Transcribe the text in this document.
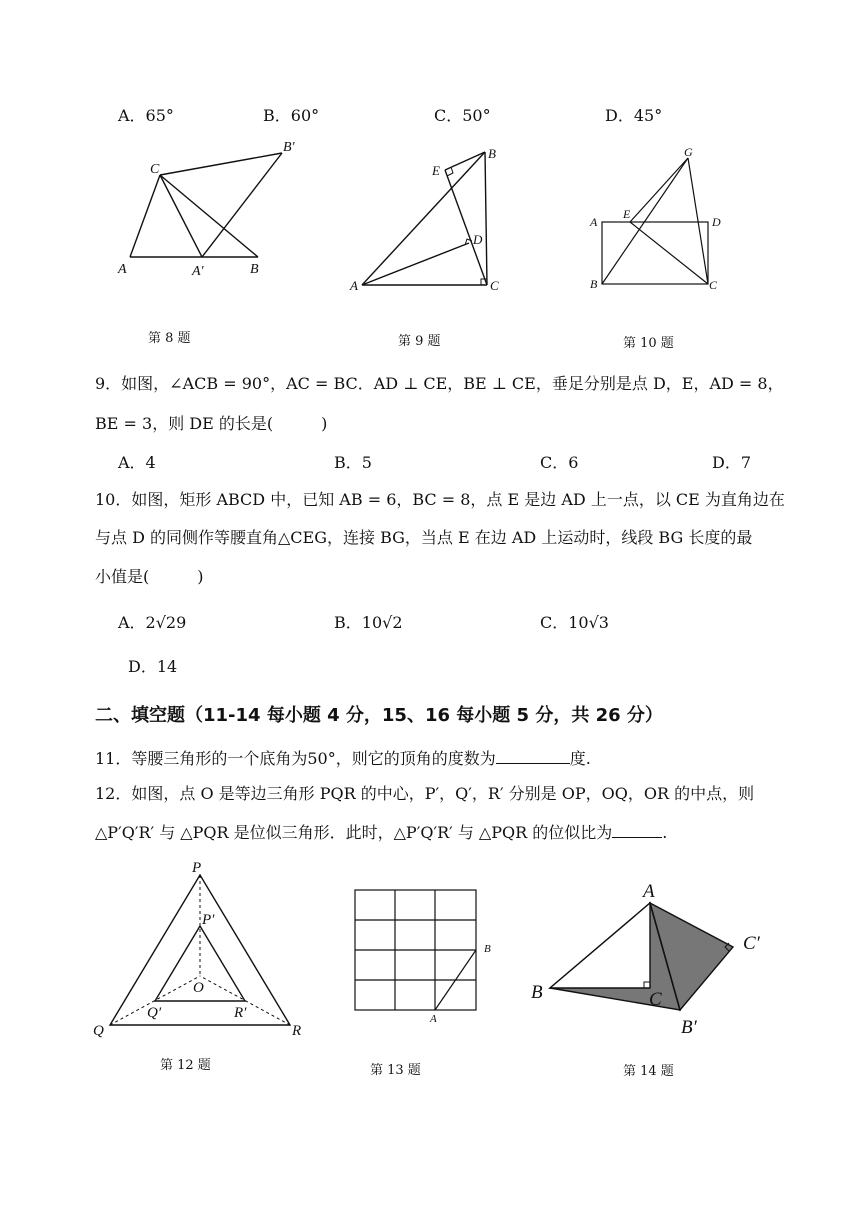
A．65°	B．60°	C．50°	D．45°
A	B
C
A′
B′
A
B
C
D
E
A
B	C
D
E
G
第 8 题	第 9 题	第 10 题
9．如图，∠ACB = 90°，AC = BC．AD ⊥ CE，BE ⊥ CE，垂足分别是点 D，E，AD = 8，
BE = 3，则 DE 的长是(　　　)
A．4	B．5	C．6	D．7
10．如图，矩形 ABCD 中，已知 AB = 6，BC = 8，点 E 是边 AD 上一点，以 CE 为直角边在
与点 D 的同侧作等腰直角△CEG，连接 BG，当点 E 在边 AD 上运动时，线段 BG 长度的最
小值是(　　　)
A．2√29	B．10√2	C．10√3
D．14
二、填空题（11-14 每小题 4 分，15、16 每小题 5 分，共 26 分）
11．等腰三角形的一个底角为50°，则它的顶角的度数为	度.
12．如图，点 O 是等边三角形 PQR 的中心，P′，Q′，R′ 分别是 OP，OQ，OR 的中点，则
△P′Q′R′ 与 △PQR 是位似三角形．此时，△P′Q′R′ 与 △PQR 的位似比为	.
P
Q	R
O
P′
Q′	R′	A
B
A
B	C
B′
C′
第 12 题	第 13 题	第 14 题
